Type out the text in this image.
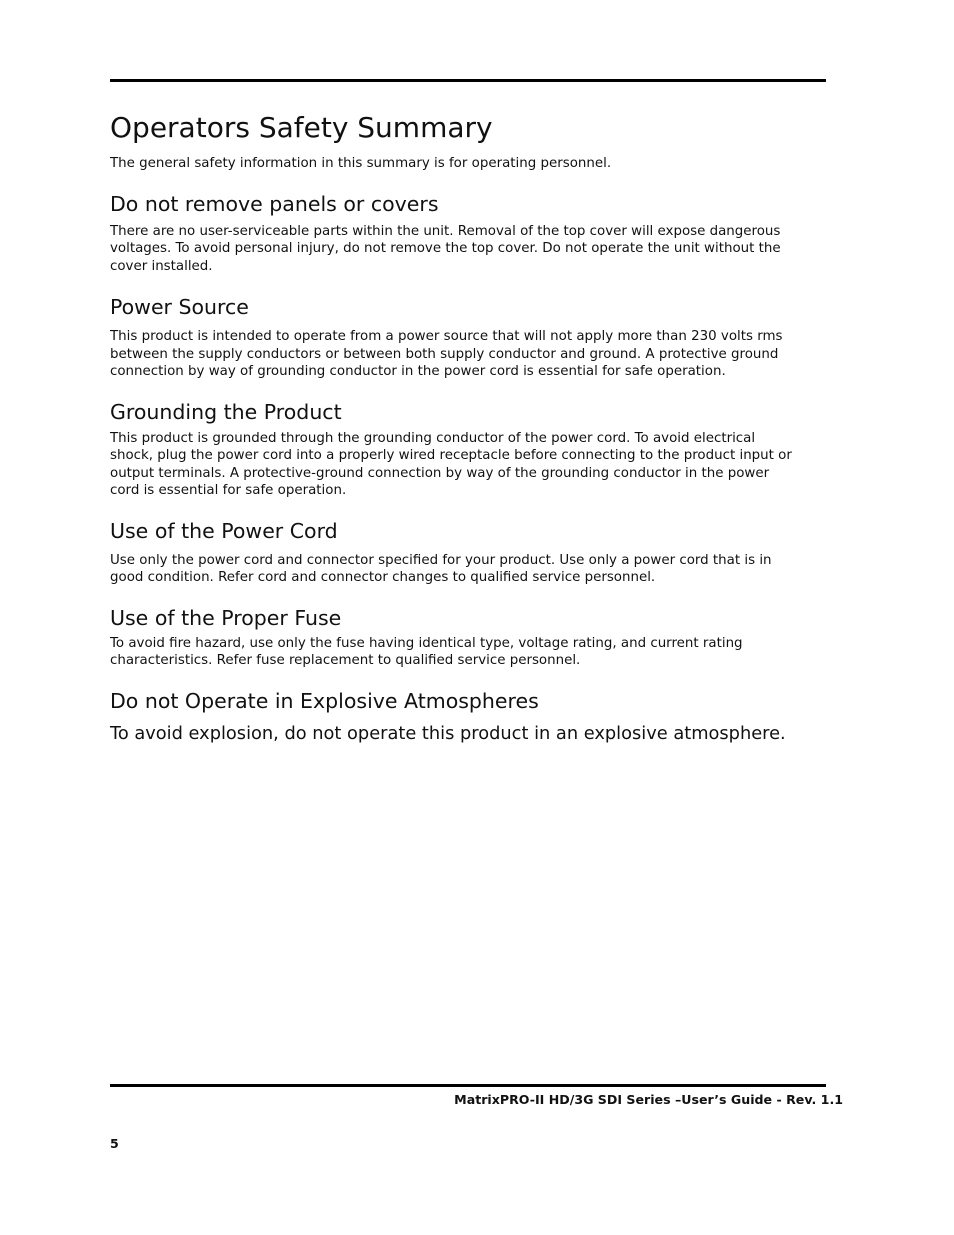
Operators Safety Summary

The general safety information in this summary is for operating personnel.

Do not remove panels or covers

There are no user-serviceable parts within the unit. Removal of the top cover will expose dangerous
voltages. To avoid personal injury, do not remove the top cover. Do not operate the unit without the
cover installed.

Power Source

This product is intended to operate from a power source that will not apply more than 230 volts rms
between the supply conductors or between both supply conductor and ground. A protective ground
connection by way of grounding conductor in the power cord is essential for safe operation.

Grounding the Product

This product is grounded through the grounding conductor of the power cord. To avoid electrical
shock, plug the power cord into a properly wired receptacle before connecting to the product input or
output terminals. A protective-ground connection by way of the grounding conductor in the power
cord is essential for safe operation.

Use of the Power Cord

Use only the power cord and connector specified for your product. Use only a power cord that is in
good condition. Refer cord and connector changes to qualified service personnel.

Use of the Proper Fuse

To avoid fire hazard, use only the fuse having identical type, voltage rating, and current rating
characteristics. Refer fuse replacement to qualified service personnel.

Do not Operate in Explosive Atmospheres

To avoid explosion, do not operate this product in an explosive atmosphere.

MatrixPRO-II HD/3G SDI Series –User’s Guide - Rev. 1.1
5
